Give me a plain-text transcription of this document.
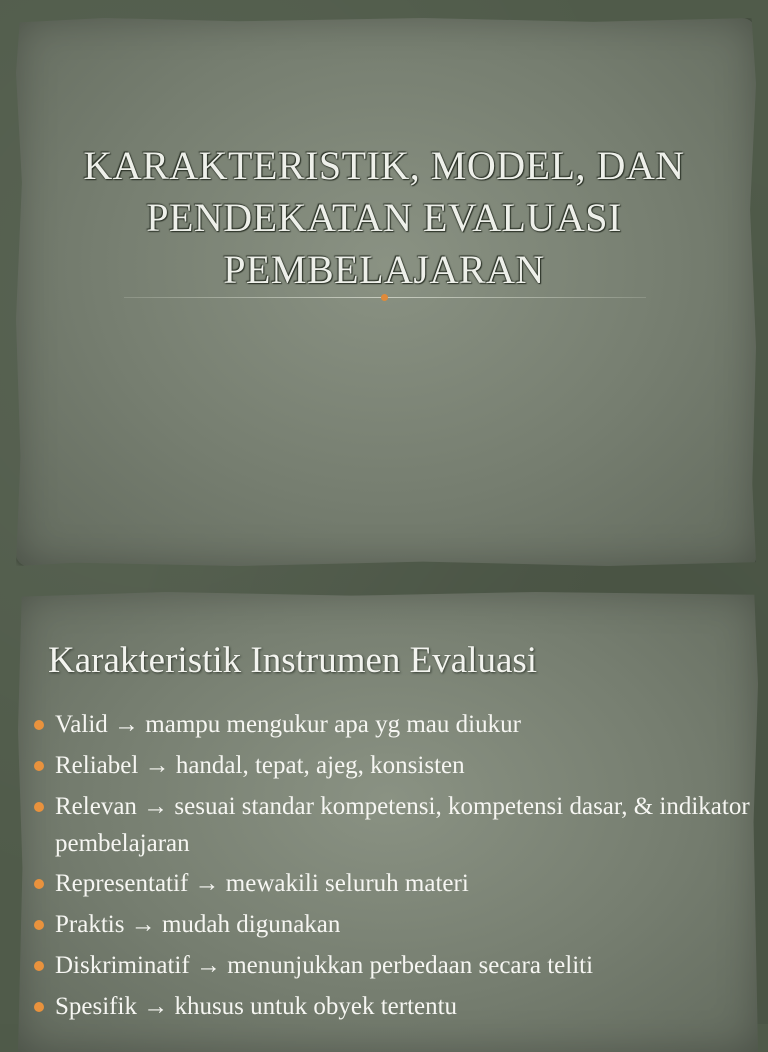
KARAKTERISTIK, MODEL, DAN
PENDEKATAN EVALUASI
PEMBELAJARAN
Karakteristik Instrumen Evaluasi
Valid → mampu mengukur apa yg mau diukur
Reliabel → handal, tepat, ajeg, konsisten
Relevan → sesuai standar kompetensi, kompetensi dasar, & indikator pembelajaran
Representatif → mewakili seluruh materi
Praktis → mudah digunakan
Diskriminatif → menunjukkan perbedaan secara teliti
Spesifik → khusus untuk obyek tertentu
